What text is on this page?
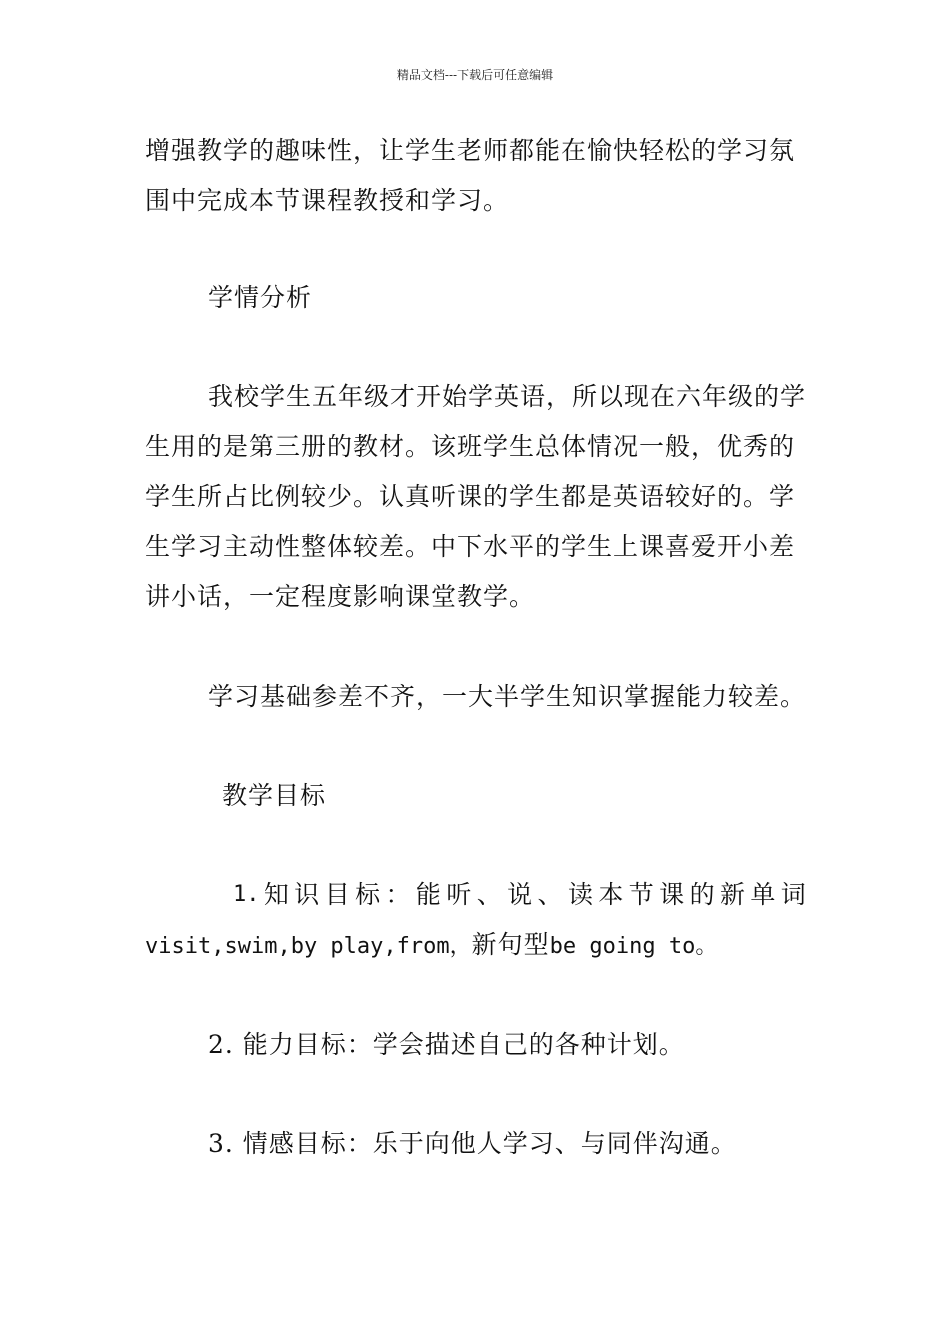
精品文档---下载后可任意编辑
增强教学的趣味性，让学生老师都能在愉快轻松的学习氛
围中完成本节课程教授和学习。
学情分析
我校学生五年级才开始学英语，所以现在六年级的学
生用的是第三册的教材。该班学生总体情况一般，优秀的
学生所占比例较少。认真听课的学生都是英语较好的。学
生学习主动性整体较差。中下水平的学生上课喜爱开小差
讲小话，一定程度影响课堂教学。
学习基础参差不齐，一大半学生知识掌握能力较差。
教学目标
1. 知 识 目 标 ： 能 听 、 说 、 读 本 节 课 的 新 单 词
visit,swim,by play,from，新句型be going to。
2. 能力目标：学会描述自己的各种计划。
3. 情感目标：乐于向他人学习、与同伴沟通。
